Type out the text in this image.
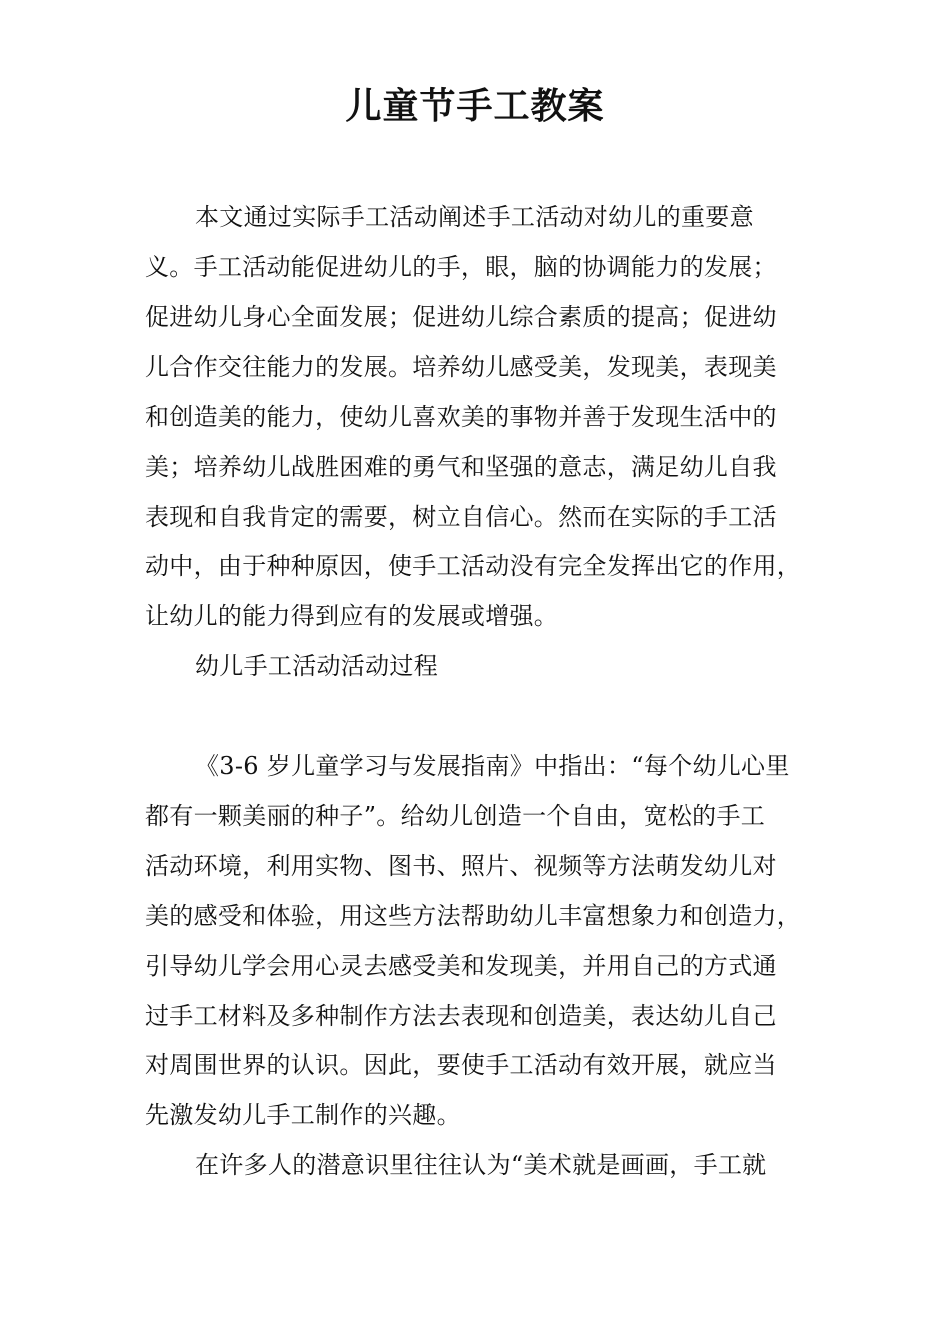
儿童节手工教案
本文通过实际手工活动阐述手工活动对幼儿的重要意
义。手工活动能促进幼儿的手，眼，脑的协调能力的发展；
促进幼儿身心全面发展；促进幼儿综合素质的提高；促进幼
儿合作交往能力的发展。培养幼儿感受美，发现美，表现美
和创造美的能力，使幼儿喜欢美的事物并善于发现生活中的
美；培养幼儿战胜困难的勇气和坚强的意志，满足幼儿自我
表现和自我肯定的需要，树立自信心。然而在实际的手工活
动中，由于种种原因，使手工活动没有完全发挥出它的作用，
让幼儿的能力得到应有的发展或增强。
幼儿手工活动活动过程
《3-6 岁儿童学习与发展指南》中指出：“每个幼儿心里
都有一颗美丽的种子”。给幼儿创造一个自由，宽松的手工
活动环境，利用实物、图书、照片、视频等方法萌发幼儿对
美的感受和体验，用这些方法帮助幼儿丰富想象力和创造力，
引导幼儿学会用心灵去感受美和发现美，并用自己的方式通
过手工材料及多种制作方法去表现和创造美，表达幼儿自己
对周围世界的认识。因此，要使手工活动有效开展，就应当
先激发幼儿手工制作的兴趣。
在许多人的潜意识里往往认为“美术就是画画，手工就
